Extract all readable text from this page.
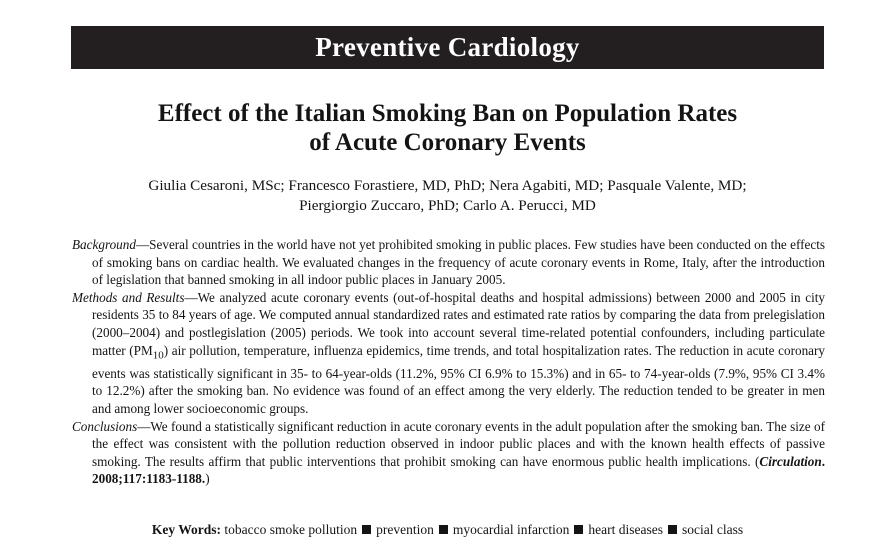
Preventive Cardiology
Effect of the Italian Smoking Ban on Population Rates
of Acute Coronary Events
Giulia Cesaroni, MSc; Francesco Forastiere, MD, PhD; Nera Agabiti, MD; Pasquale Valente, MD;
Piergiorgio Zuccaro, PhD; Carlo A. Perucci, MD

Background—Several countries in the world have not yet prohibited smoking in public places. Few studies have been conducted on the effects of smoking bans on cardiac health. We evaluated changes in the frequency of acute coronary events in Rome, Italy, after the introduction of legislation that banned smoking in all indoor public places in January 2005.

Methods and Results—We analyzed acute coronary events (out-of-hospital deaths and hospital admissions) between 2000 and 2005 in city residents 35 to 84 years of age. We computed annual standardized rates and estimated rate ratios by comparing the data from prelegislation (2000–2004) and postlegislation (2005) periods. We took into account several time-related potential confounders, including particulate matter $(PM_{10})$ air pollution, temperature, influenza epidemics, time trends, and total hospitalization rates. The reduction in acute coronary events was statistically significant in 35- to 64-year-olds (11.2%, 95% CI 6.9% to 15.3%) and in 65- to 74-year-olds (7.9%, 95% CI 3.4% to 12.2%) after the smoking ban. No evidence was found of an effect among the very elderly. The reduction tended to be greater in men and among lower socioeconomic groups.

Conclusions—We found a statistically significant reduction in acute coronary events in the adult population after the smoking ban. The size of the effect was consistent with the pollution reduction observed in indoor public places and with the known health effects of passive smoking. The results affirm that public interventions that prohibit smoking can have enormous public health implications. (Circulation. 2008;117:1183-1188.)

Key Words: tobacco smoke pollution prevention myocardial infarction heart diseases social class
